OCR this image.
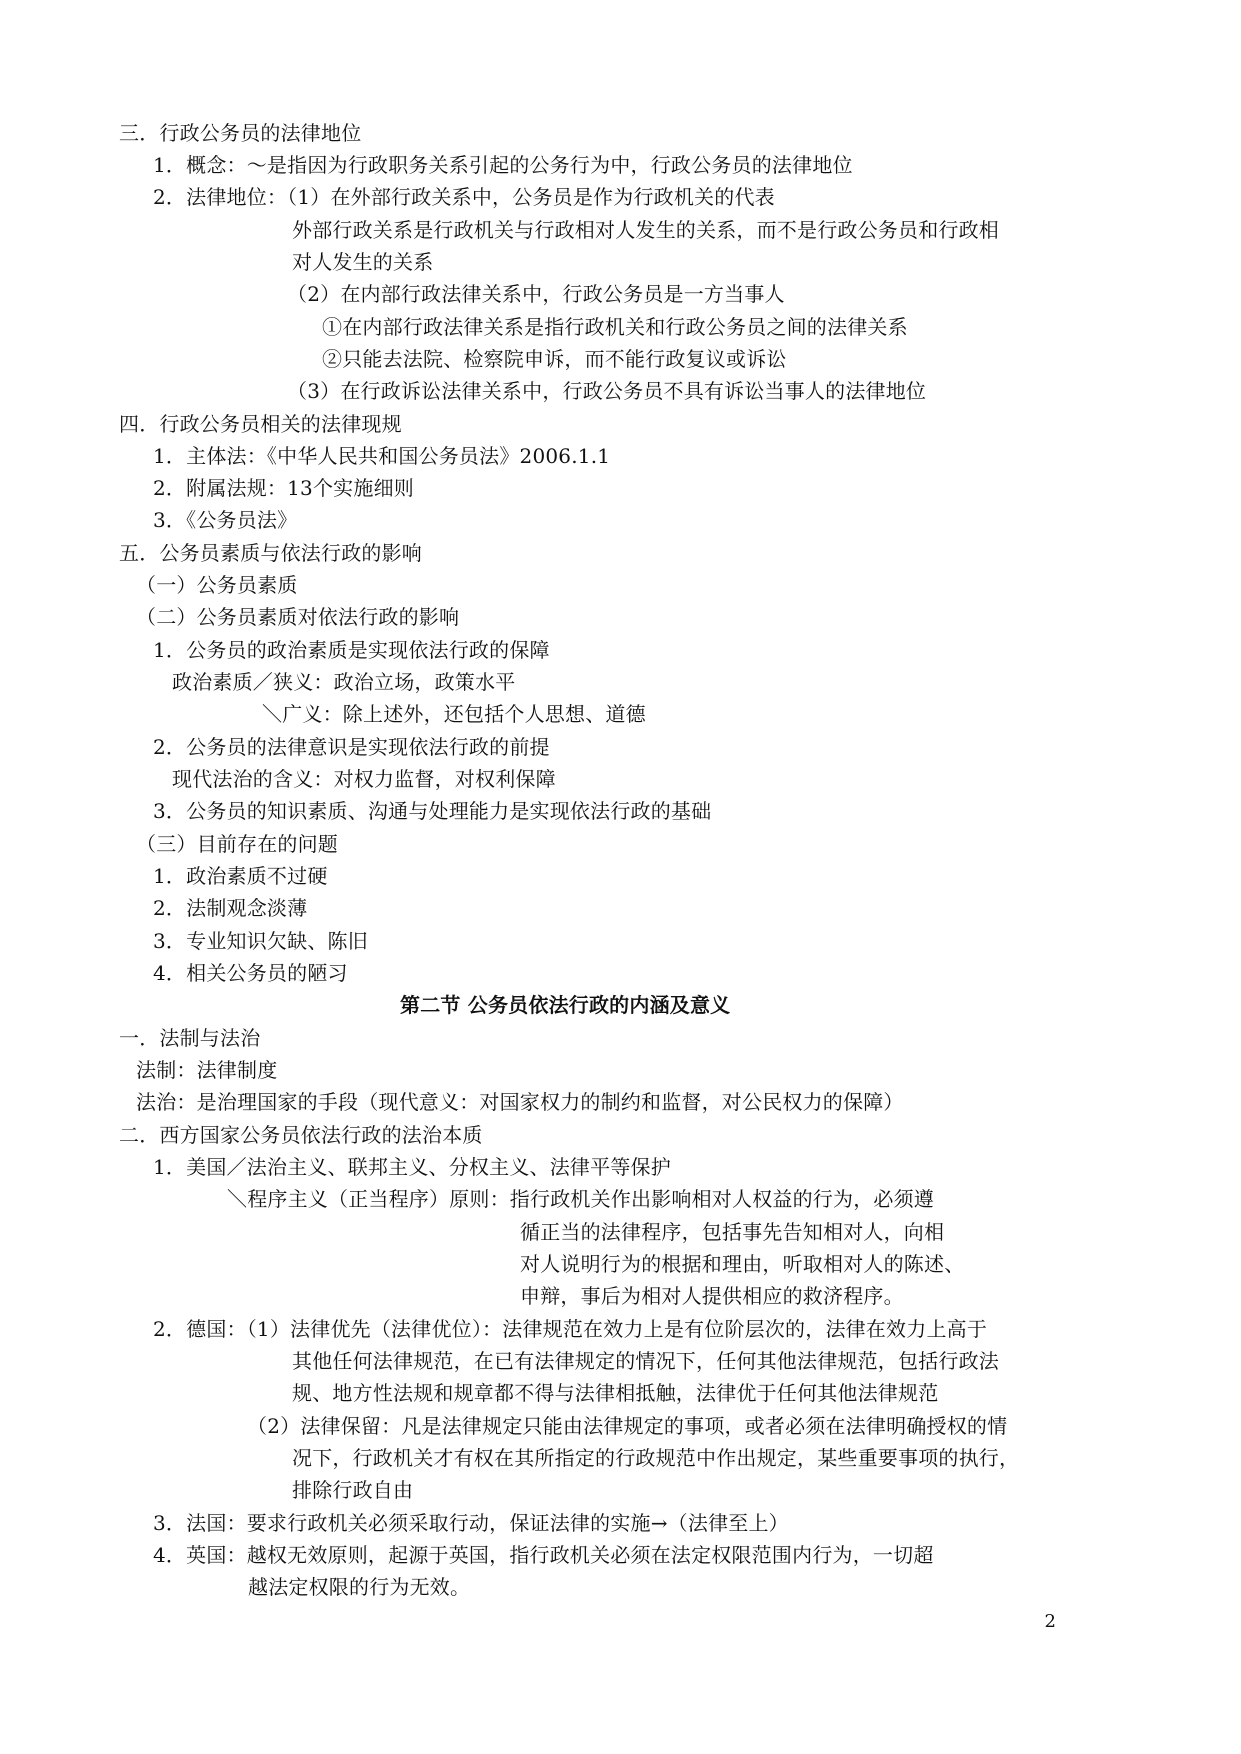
三．行政公务员的法律地位
1．概念：～是指因为行政职务关系引起的公务行为中，行政公务员的法律地位
2．法律地位：（1）在外部行政关系中，公务员是作为行政机关的代表
外部行政关系是行政机关与行政相对人发生的关系，而不是行政公务员和行政相
对人发生的关系
（2）在内部行政法律关系中，行政公务员是一方当事人
①在内部行政法律关系是指行政机关和行政公务员之间的法律关系
②只能去法院、检察院申诉，而不能行政复议或诉讼
（3）在行政诉讼法律关系中，行政公务员不具有诉讼当事人的法律地位
四．行政公务员相关的法律现规
1．主体法：《中华人民共和国公务员法》2006.1.1
2．附属法规：13个实施细则
3．《公务员法》
五．公务员素质与依法行政的影响
（一）公务员素质
（二）公务员素质对依法行政的影响
1．公务员的政治素质是实现依法行政的保障
政治素质／狭义：政治立场，政策水平
＼广义：除上述外，还包括个人思想、道德
2．公务员的法律意识是实现依法行政的前提
现代法治的含义：对权力监督，对权利保障
3．公务员的知识素质、沟通与处理能力是实现依法行政的基础
（三）目前存在的问题
1．政治素质不过硬
2．法制观念淡薄
3．专业知识欠缺、陈旧
4．相关公务员的陋习
第二节 公务员依法行政的内涵及意义
一．法制与法治
法制：法律制度
法治：是治理国家的手段（现代意义：对国家权力的制约和监督，对公民权力的保障）
二．西方国家公务员依法行政的法治本质
1．美国／法治主义、联邦主义、分权主义、法律平等保护
＼程序主义（正当程序）原则：指行政机关作出影响相对人权益的行为，必须遵
循正当的法律程序，包括事先告知相对人，向相
对人说明行为的根据和理由，听取相对人的陈述、
申辩，事后为相对人提供相应的救济程序。
2．德国：（1）法律优先（法律优位）：法律规范在效力上是有位阶层次的，法律在效力上高于
其他任何法律规范，在已有法律规定的情况下，任何其他法律规范，包括行政法
规、地方性法规和规章都不得与法律相抵触，法律优于任何其他法律规范
（2）法律保留：凡是法律规定只能由法律规定的事项，或者必须在法律明确授权的情
况下，行政机关才有权在其所指定的行政规范中作出规定，某些重要事项的执行，
排除行政自由
3．法国：要求行政机关必须采取行动，保证法律的实施→（法律至上）
4．英国：越权无效原则，起源于英国，指行政机关必须在法定权限范围内行为，一切超
越法定权限的行为无效。
2
